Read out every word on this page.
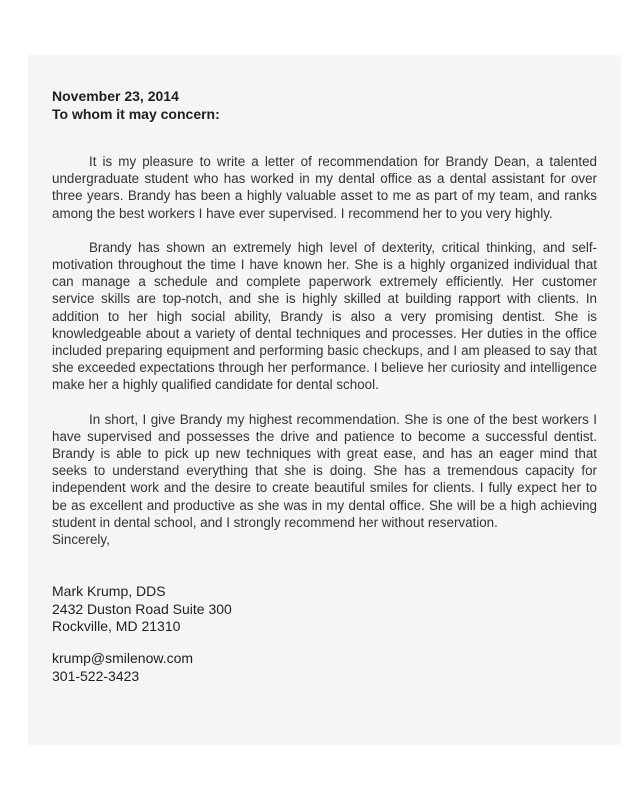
November 23, 2014
To whom it may concern:

It is my pleasure to write a letter of recommendation for Brandy Dean, a talented undergraduate student who has worked in my dental office as a dental assistant for over three years. Brandy has been a highly valuable asset to me as part of my team, and ranks among the best workers I have ever supervised. I recommend her to you very highly.

Brandy has shown an extremely high level of dexterity, critical thinking, and self-motivation throughout the time I have known her. She is a highly organized individual that can manage a schedule and complete paperwork extremely efficiently. Her customer service skills are top-notch, and she is highly skilled at building rapport with clients. In addition to her high social ability, Brandy is also a very promising dentist. She is knowledgeable about a variety of dental techniques and processes. Her duties in the office included preparing equipment and performing basic checkups, and I am pleased to say that she exceeded expectations through her performance. I believe her curiosity and intelligence make her a highly qualified candidate for dental school.

In short, I give Brandy my highest recommendation. She is one of the best workers I have supervised and possesses the drive and patience to become a successful dentist. Brandy is able to pick up new techniques with great ease, and has an eager mind that seeks to understand everything that she is doing. She has a tremendous capacity for independent work and the desire to create beautiful smiles for clients. I fully expect her to be as excellent and productive as she was in my dental office. She will be a high achieving student in dental school, and I strongly recommend her without reservation.

Sincerely,
Mark Krump, DDS
2432 Duston Road Suite 300
Rockville, MD 21310
krump@smilenow.com
301-522-3423
